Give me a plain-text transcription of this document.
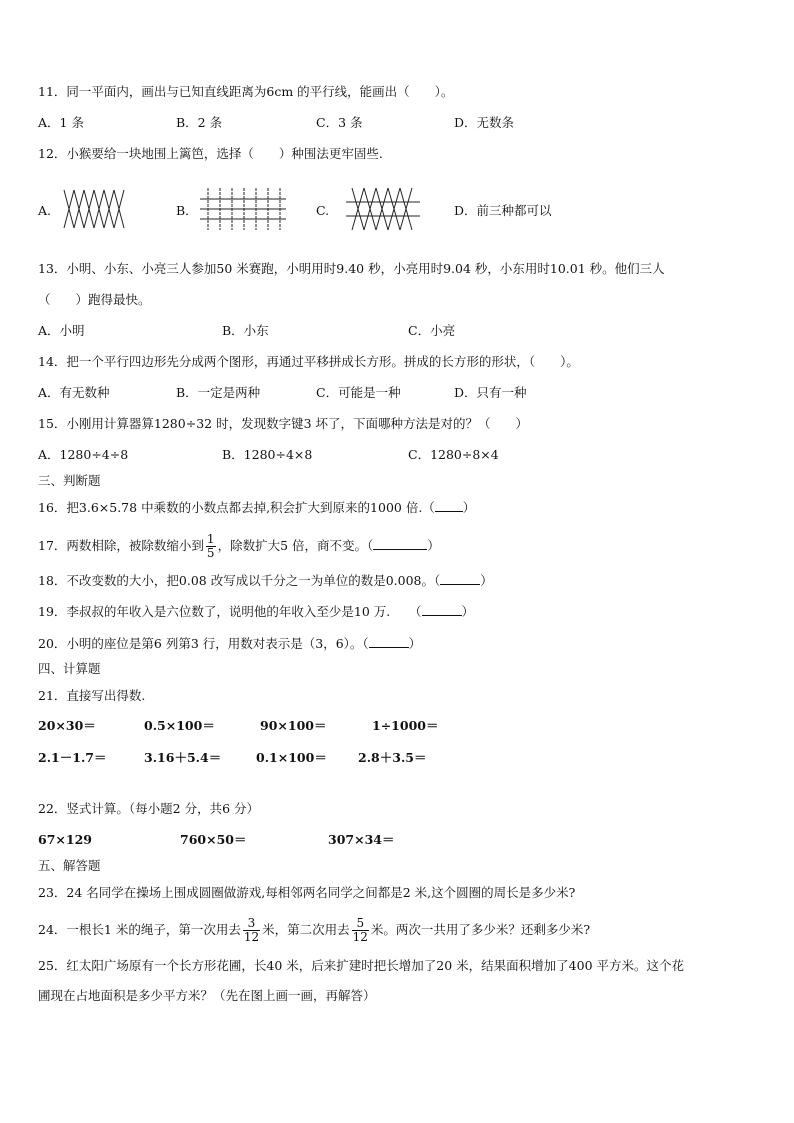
11．同一平面内，画出与已知直线距离为6cm 的平行线，能画出（　　）。
A．1 条	B．2 条	C．3 条	D．无数条
12．小猴要给一块地围上篱笆，选择（　　）种围法更牢固些.
A.	B．	C.	D．前三种都可以
13．小明、小东、小亮三人参加50 米赛跑，小明用时9.40 秒，小亮用时9.04 秒，小东用时10.01 秒。他们三人
（　　）跑得最快。
A．小明	B．小东	C．小亮
14．把一个平行四边形先分成两个图形，再通过平移拼成长方形。拼成的长方形的形状，（　　）。
A．有无数种	B．一定是两种	C．可能是一种	D．只有一种
15．小刚用计算器算1280÷32 时，发现数字键3 坏了，下面哪种方法是对的？（　　）
A．1280÷4÷8	B．1280÷4×8	C．1280÷8×4
三、判断题
16．把3.6×5.78 中乘数的小数点都去掉,积会扩大到原来的1000 倍.（ ）
17．两数相除，被除数缩小到 $\frac{1}{5}$ ，除数扩大5 倍，商不变。（	）
18．不改变数的大小，把0.08 改写成以千分之一为单位的数是0.008。（	）
19．李叔叔的年收入是六位数了，说明他的年收入至少是10 万.　　（	）
20．小明的座位是第6 列第3 行，用数对表示是（3，6）。（	）
四、计算题
21．直接写出得数.
20×30＝	0.5×100＝	90×100＝	1÷1000＝
2.1－1.7＝	3.16＋5.4＝	0.1×100＝ 2.8＋3.5＝
22．竖式计算。（每小题2 分，共6 分）
67×129	760×50＝	307×34＝
五、解答题
23．24 名同学在操场上围成圆圈做游戏,每相邻两名同学之间都是2 米,这个圆圈的周长是多少米?
24．一根长1 米的绳子，第一次用去 $\frac{3}{12}$ 米，第二次用去 $\frac{5}{12}$ 米。两次一共用了多少米？还剩多少米?
25．红太阳广场原有一个长方形花圃，长40 米，后来扩建时把长增加了20 米，结果面积增加了400 平方米。这个花
圃现在占地面积是多少平方米？（先在图上画一画，再解答）
